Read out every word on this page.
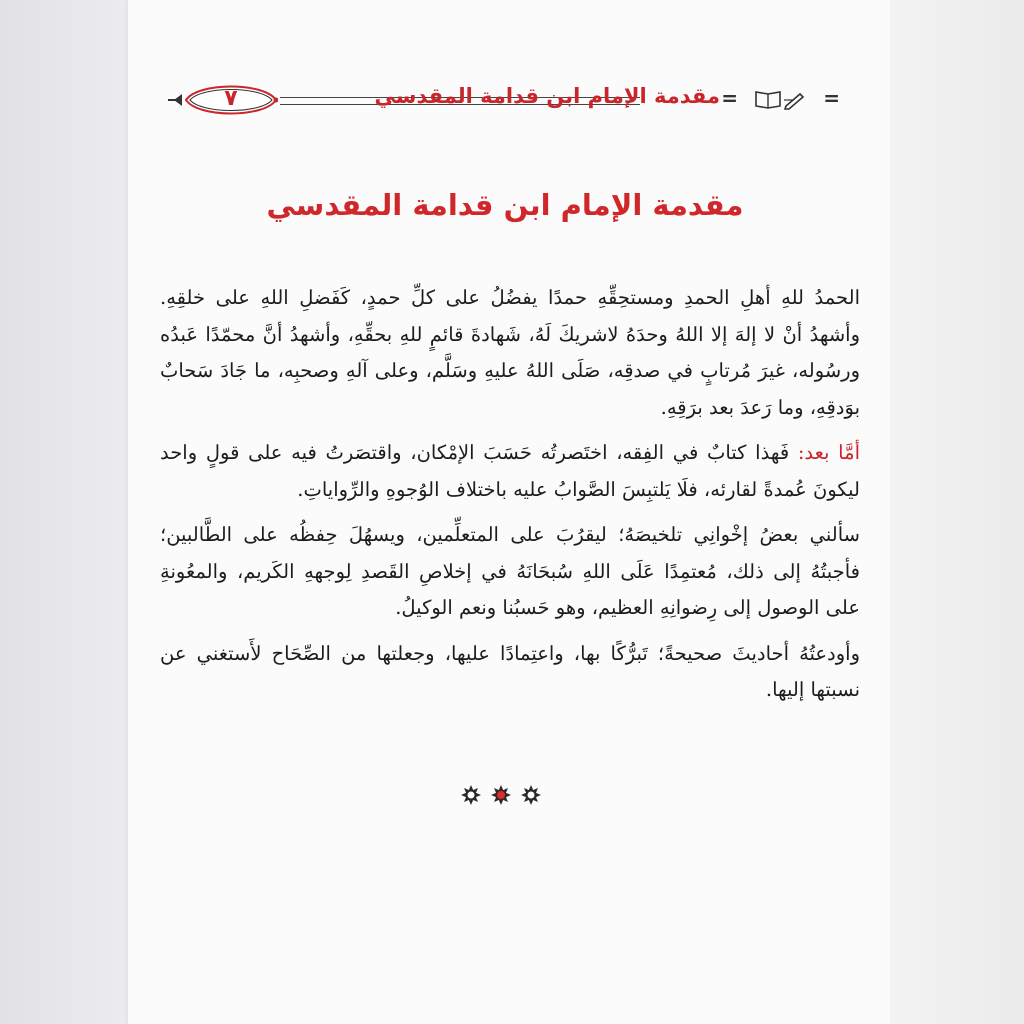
٧	مقدمة الإمام ابن قدامة المقدسي =	=
مقدمة الإمام ابن قدامة المقدسي

الحمدُ للهِ أهلِ الحمدِ ومستحِقِّهِ حمدًا يفضُلُ على كلِّ حمدٍ، كَفَضلِ اللهِ على خلقِهِ. وأشهدُ أنْ لا إلهَ إلا اللهُ وحدَهُ لاشريكَ لَهُ، شَهادةَ قائمٍ للهِ بحقِّهِ، وأشهدُ أنَّ محمّدًا عَبدُه ورسُوله، غيرَ مُرتابٍ في صدقِه، صَلَى اللهُ عليهِ وسَلَّم، وعلى آلهِ وصحبِه، ما جَادَ سَحابٌ بوَدقِهِ، وما رَعدَ بعد برَقِهِ.

أمَّا بعد: فَهذا كتابٌ في الفِقه، اختَصرتُه حَسَبَ الإمْكان، واقتصَرتُ فيه على قولٍ واحد ليكونَ عُمدةً لقارئه، فلَا يَلتبِسَ الصَّوابُ عليه باختلاف الوُجوهِ والرِّواياتِ.

سألني بعضُ إخْوانِي تلخيصَهُ؛ ليقرُبَ على المتعلِّمين، ويسهُلَ حِفظُه على الطَّالبين؛ فأجبتُهُ إلى ذلك، مُعتمِدًا عَلَى اللهِ سُبحَانَهُ في إخلاصِ القَصدِ لِوجههِ الكَريم، والمعُونةِ على الوصول إلى رِضوانِهِ العظيم، وهو حَسبُنا ونعم الوكيلُ.

وأودعتُهُ أحاديثَ صحيحةً؛ تَبرُّكًا بها، واعتِمادًا عليها، وجعلتها من الصِّحَاح لأَستغني عن نسبتها إليها.
